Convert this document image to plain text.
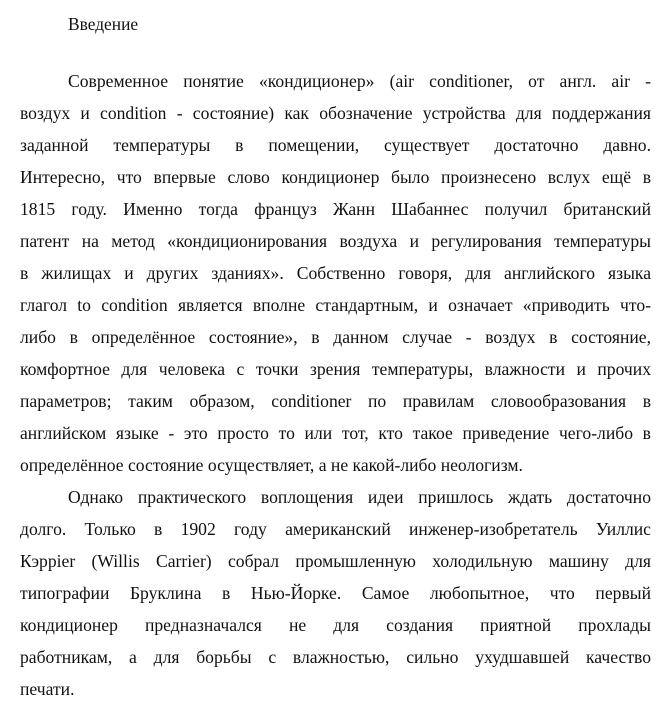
Введение

Современное понятие «кондиционер» (air conditioner, от англ. air -

воздух и condition - состояние) как обозначение устройства для поддержания

заданной температуры в помещении, существует достаточно давно.

Интересно, что впервые слово кондиционер было произнесено вслух ещё в

1815 году. Именно тогда француз Жанн Шабаннес получил британский

патент на метод «кондиционирования воздуха и регулирования температуры

в жилищах и других зданиях». Собственно говоря, для английского языка

глагол to condition является вполне стандартным, и означает «приводить что-

либо в определённое состояние», в данном случае - воздух в состояние,

комфортное для человека с точки зрения температуры, влажности и прочих

параметров; таким образом, conditioner по правилам словообразования в

английском языке - это просто то или тот, кто такое приведение чего-либо в

определённое состояние осуществляет, а не какой-либо неологизм.

Однако практического воплощения идеи пришлось ждать достаточно

долго. Только в 1902 году американский инженер-изобретатель Уиллис

Кэррier (Willis Carrier) собрал промышленную холодильную машину для

типографии Бруклина в Нью-Йорке. Самое любопытное, что первый

кондиционер предназначался не для создания приятной прохлады

работникам, а для борьбы с влажностью, сильно ухудшавшей качество

печати.
